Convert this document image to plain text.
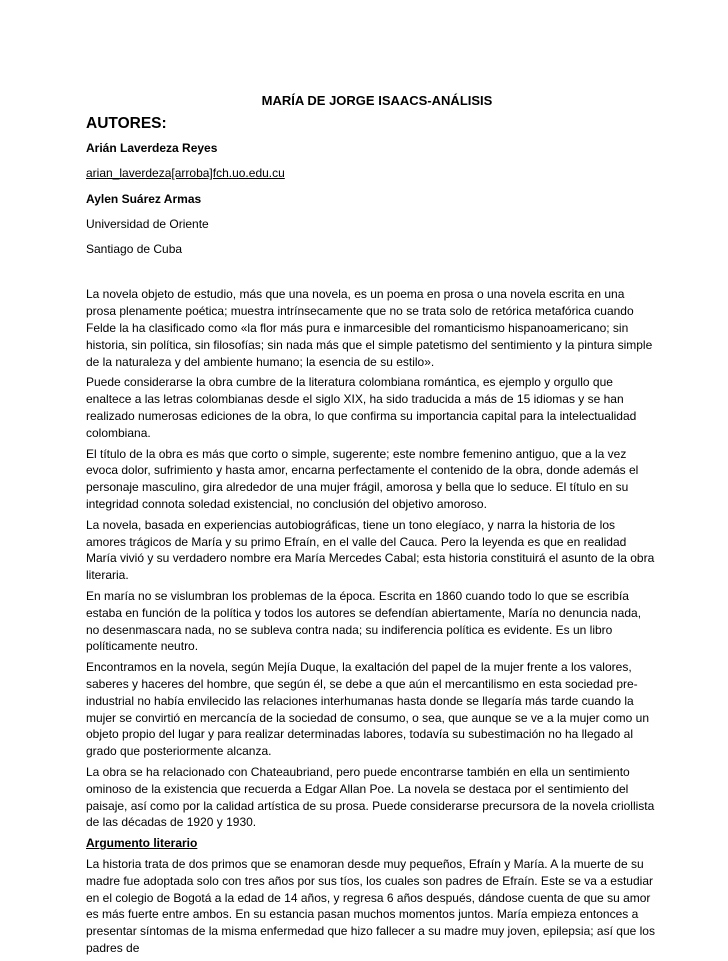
MARÍA DE JORGE ISAACS-ANÁLISIS
AUTORES:
Arián Laverdeza Reyes
arian_laverdeza[arroba]fch.uo.edu.cu
Aylen Suárez Armas
Universidad de Oriente
Santiago de Cuba

La novela objeto de estudio, más que una novela, es un poema en prosa o una novela escrita en una prosa plenamente poética; muestra intrínsecamente que no se trata solo de retórica metafórica cuando Felde la ha clasificado como «la flor más pura e inmarcesible del romanticismo hispanoamericano; sin historia, sin política, sin filosofías; sin nada más que el simple patetismo del sentimiento y la pintura simple de la naturaleza y del ambiente humano; la esencia de su estilo».

Puede considerarse la obra cumbre de la literatura colombiana romántica, es ejemplo y orgullo que enaltece a las letras colombianas desde el siglo XIX, ha sido traducida a más de 15 idiomas y se han realizado numerosas ediciones de la obra, lo que confirma su importancia capital para la intelectualidad colombiana.

El título de la obra es más que corto o simple, sugerente; este nombre femenino antiguo, que a la vez evoca dolor, sufrimiento y hasta amor, encarna perfectamente el contenido de la obra, donde además el personaje masculino, gira alrededor de una mujer frágil, amorosa y bella que lo seduce. El título en su integridad connota soledad existencial, no conclusión del objetivo amoroso.

La novela, basada en experiencias autobiográficas, tiene un tono elegíaco, y narra la historia de los amores trágicos de María y su primo Efraín, en el valle del Cauca. Pero la leyenda es que en realidad María vivió y su verdadero nombre era María Mercedes Cabal; esta historia constituirá el asunto de la obra literaria.

En maría no se vislumbran los problemas de la época. Escrita en 1860 cuando todo lo que se escribía estaba en función de la política y todos los autores se defendían abiertamente, María no denuncia nada, no desenmascara nada, no se subleva contra nada; su indiferencia política es evidente. Es un libro políticamente neutro.

Encontramos en la novela, según Mejía Duque, la exaltación del papel de la mujer frente a los valores, saberes y haceres del hombre, que según él, se debe a que aún el mercantilismo en esta sociedad pre-industrial no había envilecido las relaciones interhumanas hasta donde se llegaría más tarde cuando la mujer se convirtió en mercancía de la sociedad de consumo, o sea, que aunque se ve a la mujer como un objeto propio del lugar y para realizar determinadas labores, todavía su subestimación no ha llegado al grado que posteriormente alcanza.

La obra se ha relacionado con Chateaubriand, pero puede encontrarse también en ella un sentimiento ominoso de la existencia que recuerda a Edgar Allan Poe. La novela se destaca por el sentimiento del paisaje, así como por la calidad artística de su prosa. Puede considerarse precursora de la novela criollista de las décadas de 1920 y 1930.

Argumento literario

La historia trata de dos primos que se enamoran desde muy pequeños, Efraín y María. A la muerte de su madre fue adoptada solo con tres años por sus tíos, los cuales son padres de Efraín. Este se va a estudiar en el colegio de Bogotá a la edad de 14 años, y regresa 6 años después, dándose cuenta de que su amor es más fuerte entre ambos. En su estancia pasan muchos momentos juntos. María empieza entonces a presentar síntomas de la misma enfermedad que hizo fallecer a su madre muy joven, epilepsia; así que los padres de
